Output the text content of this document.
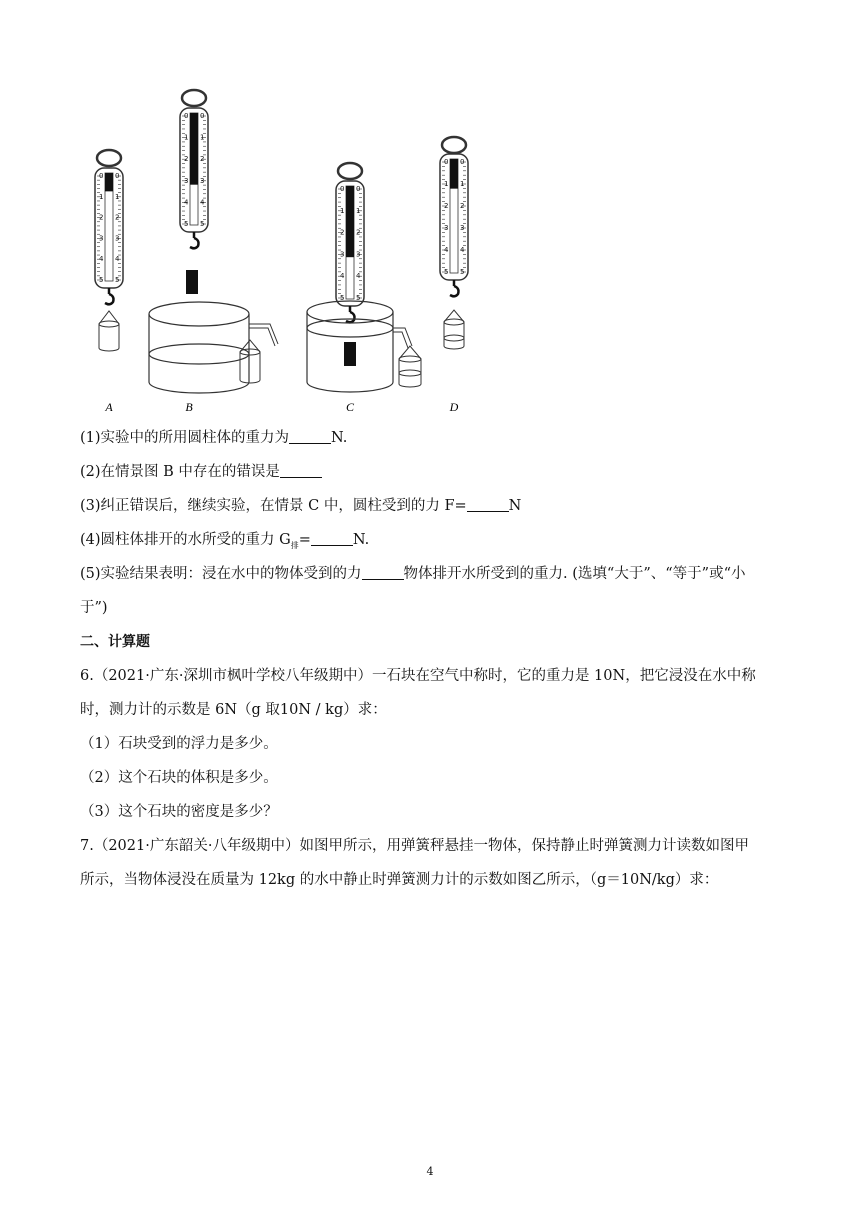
0 0
1 1
2 2
3 3
4 4
5 5
0 0
1 1
2 2
3 3
4 4
5 5
0 0
1 1
2 2
3 3
4 4
5 5
0 0
1 1
2 2
3 3
4 4
5 5
A	B	C	D
(1)实验中的所用圆柱体的重力为	N.
(2)在情景图 B 中存在的错误是
(3)纠正错误后，继续实验，在情景 C 中，圆柱受到的力 F=	N
(4)圆柱体排开的水所受的重力 $G_排=$	N.
(5)实验结果表明：浸在水中的物体受到的力	物体排开水所受到的重力. (选填“大于”、“等于”或“小
于”)
二、计算题
6.（2021·广东·深圳市枫叶学校八年级期中）一石块在空气中称时，它的重力是 10N，把它浸没在水中称
时，测力计的示数是 6N（g 取10N / kg）求：
（1）石块受到的浮力是多少。
（2）这个石块的体积是多少。
（3）这个石块的密度是多少？
7.（2021·广东韶关·八年级期中）如图甲所示，用弹簧秤悬挂一物体，保持静止时弹簧测力计读数如图甲
所示，当物体浸没在质量为 12kg 的水中静止时弹簧测力计的示数如图乙所示，（g＝10N/kg）求：
4
